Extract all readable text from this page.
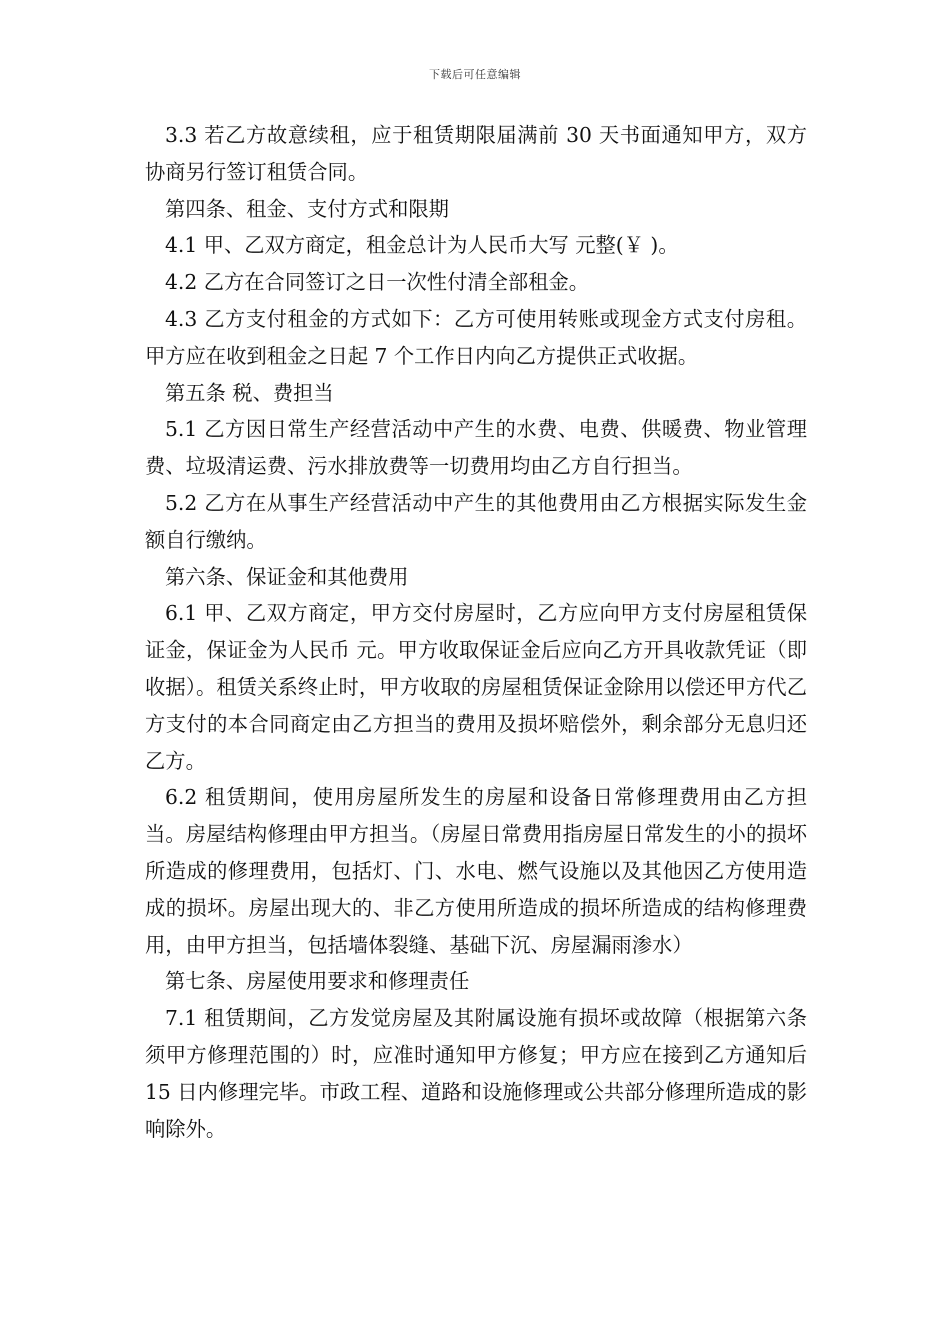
下载后可任意编辑

3.3 若乙方故意续租，应于租赁期限届满前 30 天书面通知甲方，双方协商另行签订租赁合同。

第四条、租金、支付方式和限期

4.1 甲、乙双方商定，租金总计为人民币大写 元整(￥ )。

4.2 乙方在合同签订之日一次性付清全部租金。

4.3 乙方支付租金的方式如下：乙方可使用转账或现金方式支付房租。甲方应在收到租金之日起 7 个工作日内向乙方提供正式收据。

第五条 税、费担当

5.1 乙方因日常生产经营活动中产生的水费、电费、供暖费、物业管理费、垃圾清运费、污水排放费等一切费用均由乙方自行担当。

5.2 乙方在从事生产经营活动中产生的其他费用由乙方根据实际发生金额自行缴纳。

第六条、保证金和其他费用

6.1 甲、乙双方商定，甲方交付房屋时，乙方应向甲方支付房屋租赁保证金，保证金为人民币 元。甲方收取保证金后应向乙方开具收款凭证（即收据）。租赁关系终止时，甲方收取的房屋租赁保证金除用以偿还甲方代乙方支付的本合同商定由乙方担当的费用及损坏赔偿外，剩余部分无息归还乙方。

6.2 租赁期间，使用房屋所发生的房屋和设备日常修理费用由乙方担当。房屋结构修理由甲方担当。（房屋日常费用指房屋日常发生的小的损坏所造成的修理费用，包括灯、门、水电、燃气设施以及其他因乙方使用造成的损坏。房屋出现大的、非乙方使用所造成的损坏所造成的结构修理费用，由甲方担当，包括墙体裂缝、基础下沉、房屋漏雨渗水）

第七条、房屋使用要求和修理责任

7.1 租赁期间，乙方发觉房屋及其附属设施有损坏或故障（根据第六条须甲方修理范围的）时，应准时通知甲方修复；甲方应在接到乙方通知后 15 日内修理完毕。市政工程、道路和设施修理或公共部分修理所造成的影响除外。
